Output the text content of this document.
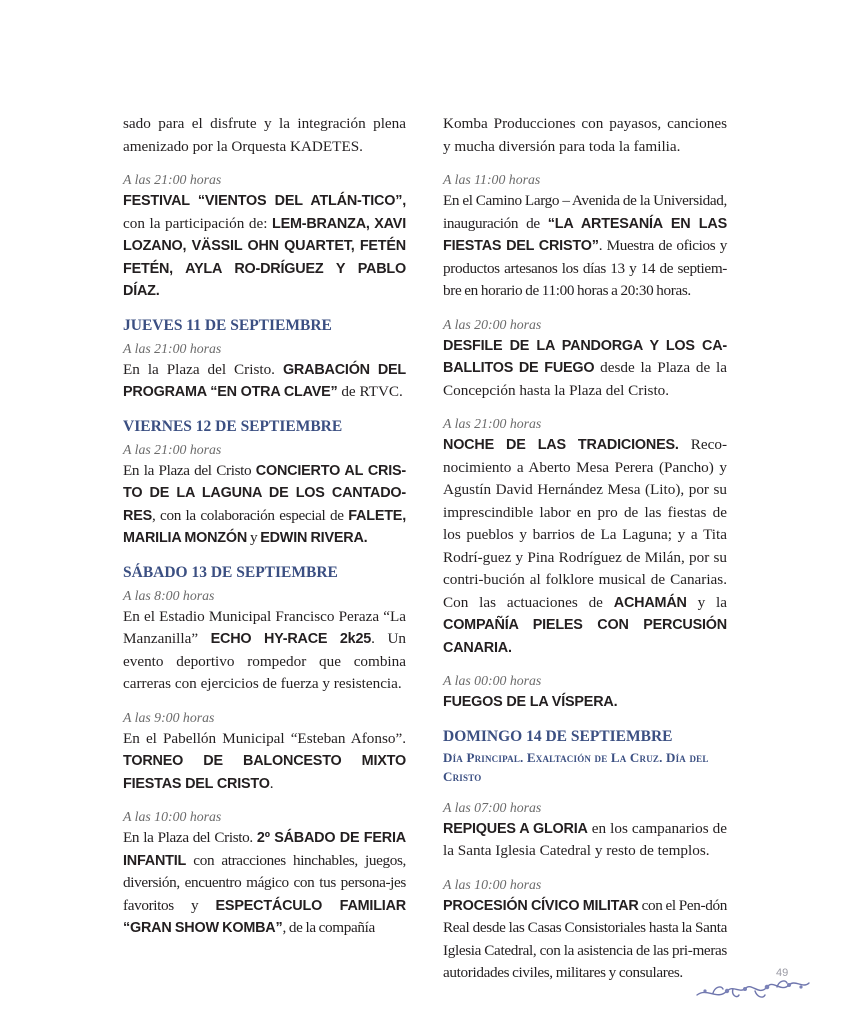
sado para el disfrute y la integración plena amenizado por la Orquesta KADETES.

A las 21:00 horas

FESTIVAL “VIENTOS DEL ATLÁN-TICO”, con la participación de: LEM-BRANZA, XAVI LOZANO, VÄSSIL OHN QUARTET, FETÉN FETÉN, AYLA RO-DRÍGUEZ Y PABLO DÍAZ.

JUEVES 11 DE SEPTIEMBRE

A las 21:00 horas

En la Plaza del Cristo. GRABACIÓN DEL PROGRAMA “EN OTRA CLAVE” de RTVC.

VIERNES 12 DE SEPTIEMBRE

A las 21:00 horas

En la Plaza del Cristo CONCIERTO AL CRIS-TO DE LA LAGUNA DE LOS CANTADO-RES, con la colaboración especial de FALETE, MARILIA MONZÓN y EDWIN RIVERA.

SÁBADO 13 DE SEPTIEMBRE

A las 8:00 horas

En el Estadio Municipal Francisco Peraza “La Manzanilla” ECHO HY-RACE 2k25. Un evento deportivo rompedor que combina carreras con ejercicios de fuerza y resistencia.

A las 9:00 horas

En el Pabellón Municipal “Esteban Afonso”. TORNEO DE BALONCESTO MIXTO FIESTAS DEL CRISTO.

A las 10:00 horas

En la Plaza del Cristo. 2º SÁBADO DE FERIA INFANTIL con atracciones hinchables, juegos, diversión, encuentro mágico con tus persona-jes favoritos y ESPECTÁCULO FAMILIAR “GRAN SHOW KOMBA”, de la compañía

Komba Producciones con payasos, canciones y mucha diversión para toda la familia.

A las 11:00 horas

En el Camino Largo – Avenida de la Universidad, inauguración de “LA ARTESANÍA EN LAS FIESTAS DEL CRISTO”. Muestra de oficios y productos artesanos los días 13 y 14 de septiem-bre en horario de 11:00 horas a 20:30 horas.

A las 20:00 horas

DESFILE DE LA PANDORGA Y LOS CA-BALLITOS DE FUEGO desde la Plaza de la Concepción hasta la Plaza del Cristo.

A las 21:00 horas

NOCHE DE LAS TRADICIONES. Reco-nocimiento a Aberto Mesa Perera (Pancho) y Agustín David Hernández Mesa (Lito), por su imprescindible labor en pro de las fiestas de los pueblos y barrios de La Laguna; y a Tita Rodrí-guez y Pina Rodríguez de Milán, por su contri-bución al folklore musical de Canarias. Con las actuaciones de ACHAMÁN y la COMPAÑÍA PIELES CON PERCUSIÓN CANARIA.

A las 00:00 horas

FUEGOS DE LA VÍSPERA.

DOMINGO 14 DE SEPTIEMBRE

Día Principal. Exaltación de La Cruz. Día del Cristo

A las 07:00 horas

REPIQUES A GLORIA en los campanarios de la Santa Iglesia Catedral y resto de templos.

A las 10:00 horas

PROCESIÓN CÍVICO MILITAR con el Pen-dón Real desde las Casas Consistoriales hasta la Santa Iglesia Catedral, con la asistencia de las pri-meras autoridades civiles, militares y consulares.	49
